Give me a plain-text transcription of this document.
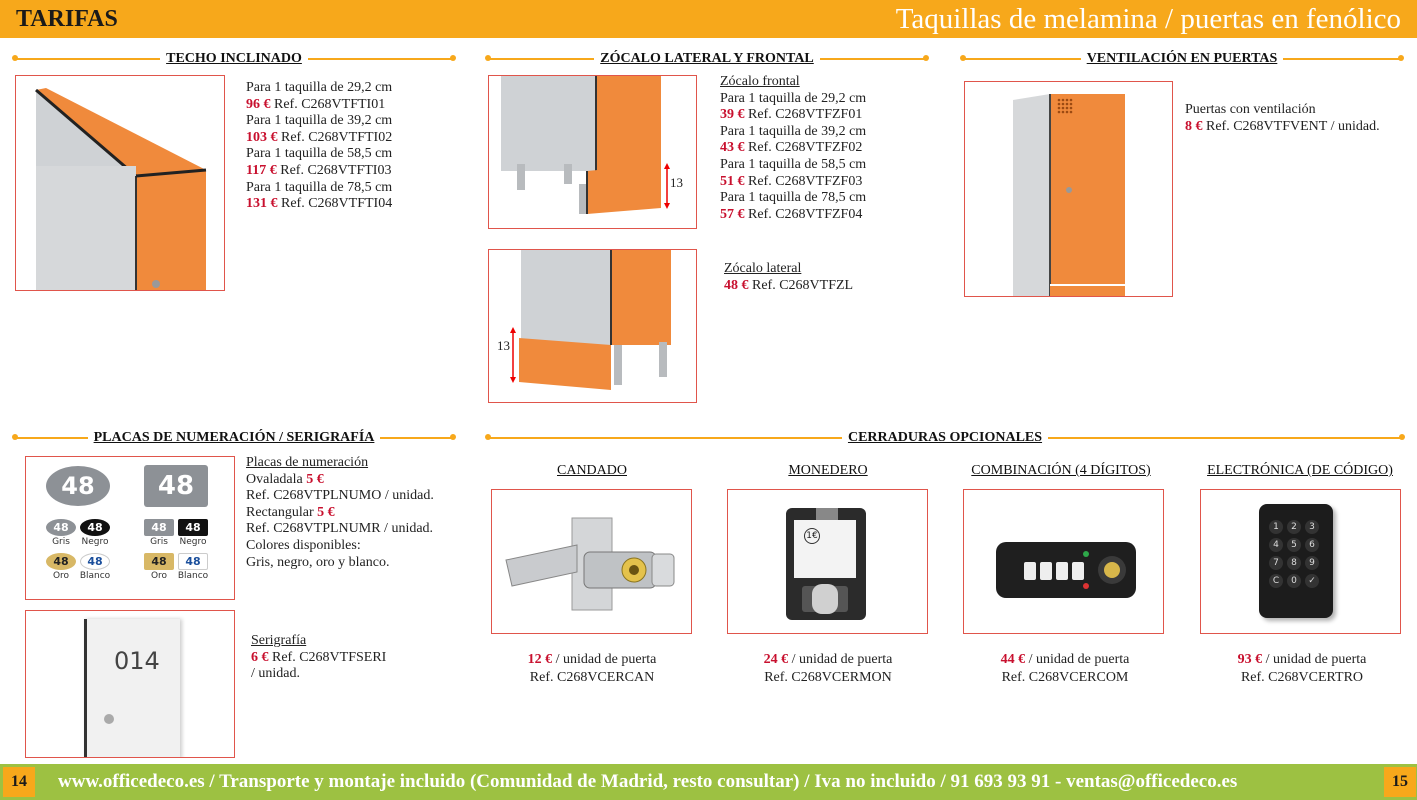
TARIFAS	Taquillas de melamina / puertas en fenólico
TECHO INCLINADO
Para 1 taquilla de 29,2 cm
96 € Ref. C268VTFTI01
Para 1 taquilla de 39,2 cm
103 € Ref. C268VTFTI02
Para 1 taquilla de 58,5 cm
117 € Ref. C268VTFTI03
Para 1 taquilla de 78,5 cm
131 € Ref. C268VTFTI04
ZÓCALO LATERAL Y FRONTAL
13
Zócalo frontal
Para 1 taquilla de 29,2 cm
39 € Ref. C268VTFZF01
Para 1 taquilla de 39,2 cm
43 € Ref. C268VTFZF02
Para 1 taquilla de 58,5 cm
51 € Ref. C268VTFZF03
Para 1 taquilla de 78,5 cm
57 € Ref. C268VTFZF04
13
Zócalo lateral
48 € Ref. C268VTFZL
VENTILACIÓN EN PUERTAS
Puertas con ventilación
8 € Ref. C268VTFVENT / unidad.
PLACAS DE NUMERACIÓN / SERIGRAFÍA
48	48
48	48
Gris	Negro
48	48
Oro	Blanco
48	48
Gris	Negro
48	48
Oro	Blanco
Placas de numeración
Ovaladala 5 €
Ref. C268VTPLNUMO / unidad.
Rectangular 5 €
Ref. C268VTPLNUMR / unidad.
Colores disponibles:
Gris, negro, oro y blanco.
014
Serigrafía
6 € Ref. C268VTFSERI
/ unidad.
CERRADURAS OPCIONALES
CANDADO
12 € / unidad de puerta
Ref. C268VCERCAN
MONEDERO
1€
24 € / unidad de puerta
Ref. C268VCERMON
COMBINACIÓN (4 DÍGITOS)
44 € / unidad de puerta
Ref. C268VCERCOM
ELECTRÓNICA (DE CÓDIGO)
1	2	3
4	5	6
7	8	9
C	0	✓
93 € / unidad de puerta
Ref. C268VCERTRO
14	www.officedeco.es / Transporte y montaje incluido (Comunidad de Madrid, resto consultar) / Iva no incluido / 91 693 93 91 - ventas@officedeco.es	15
